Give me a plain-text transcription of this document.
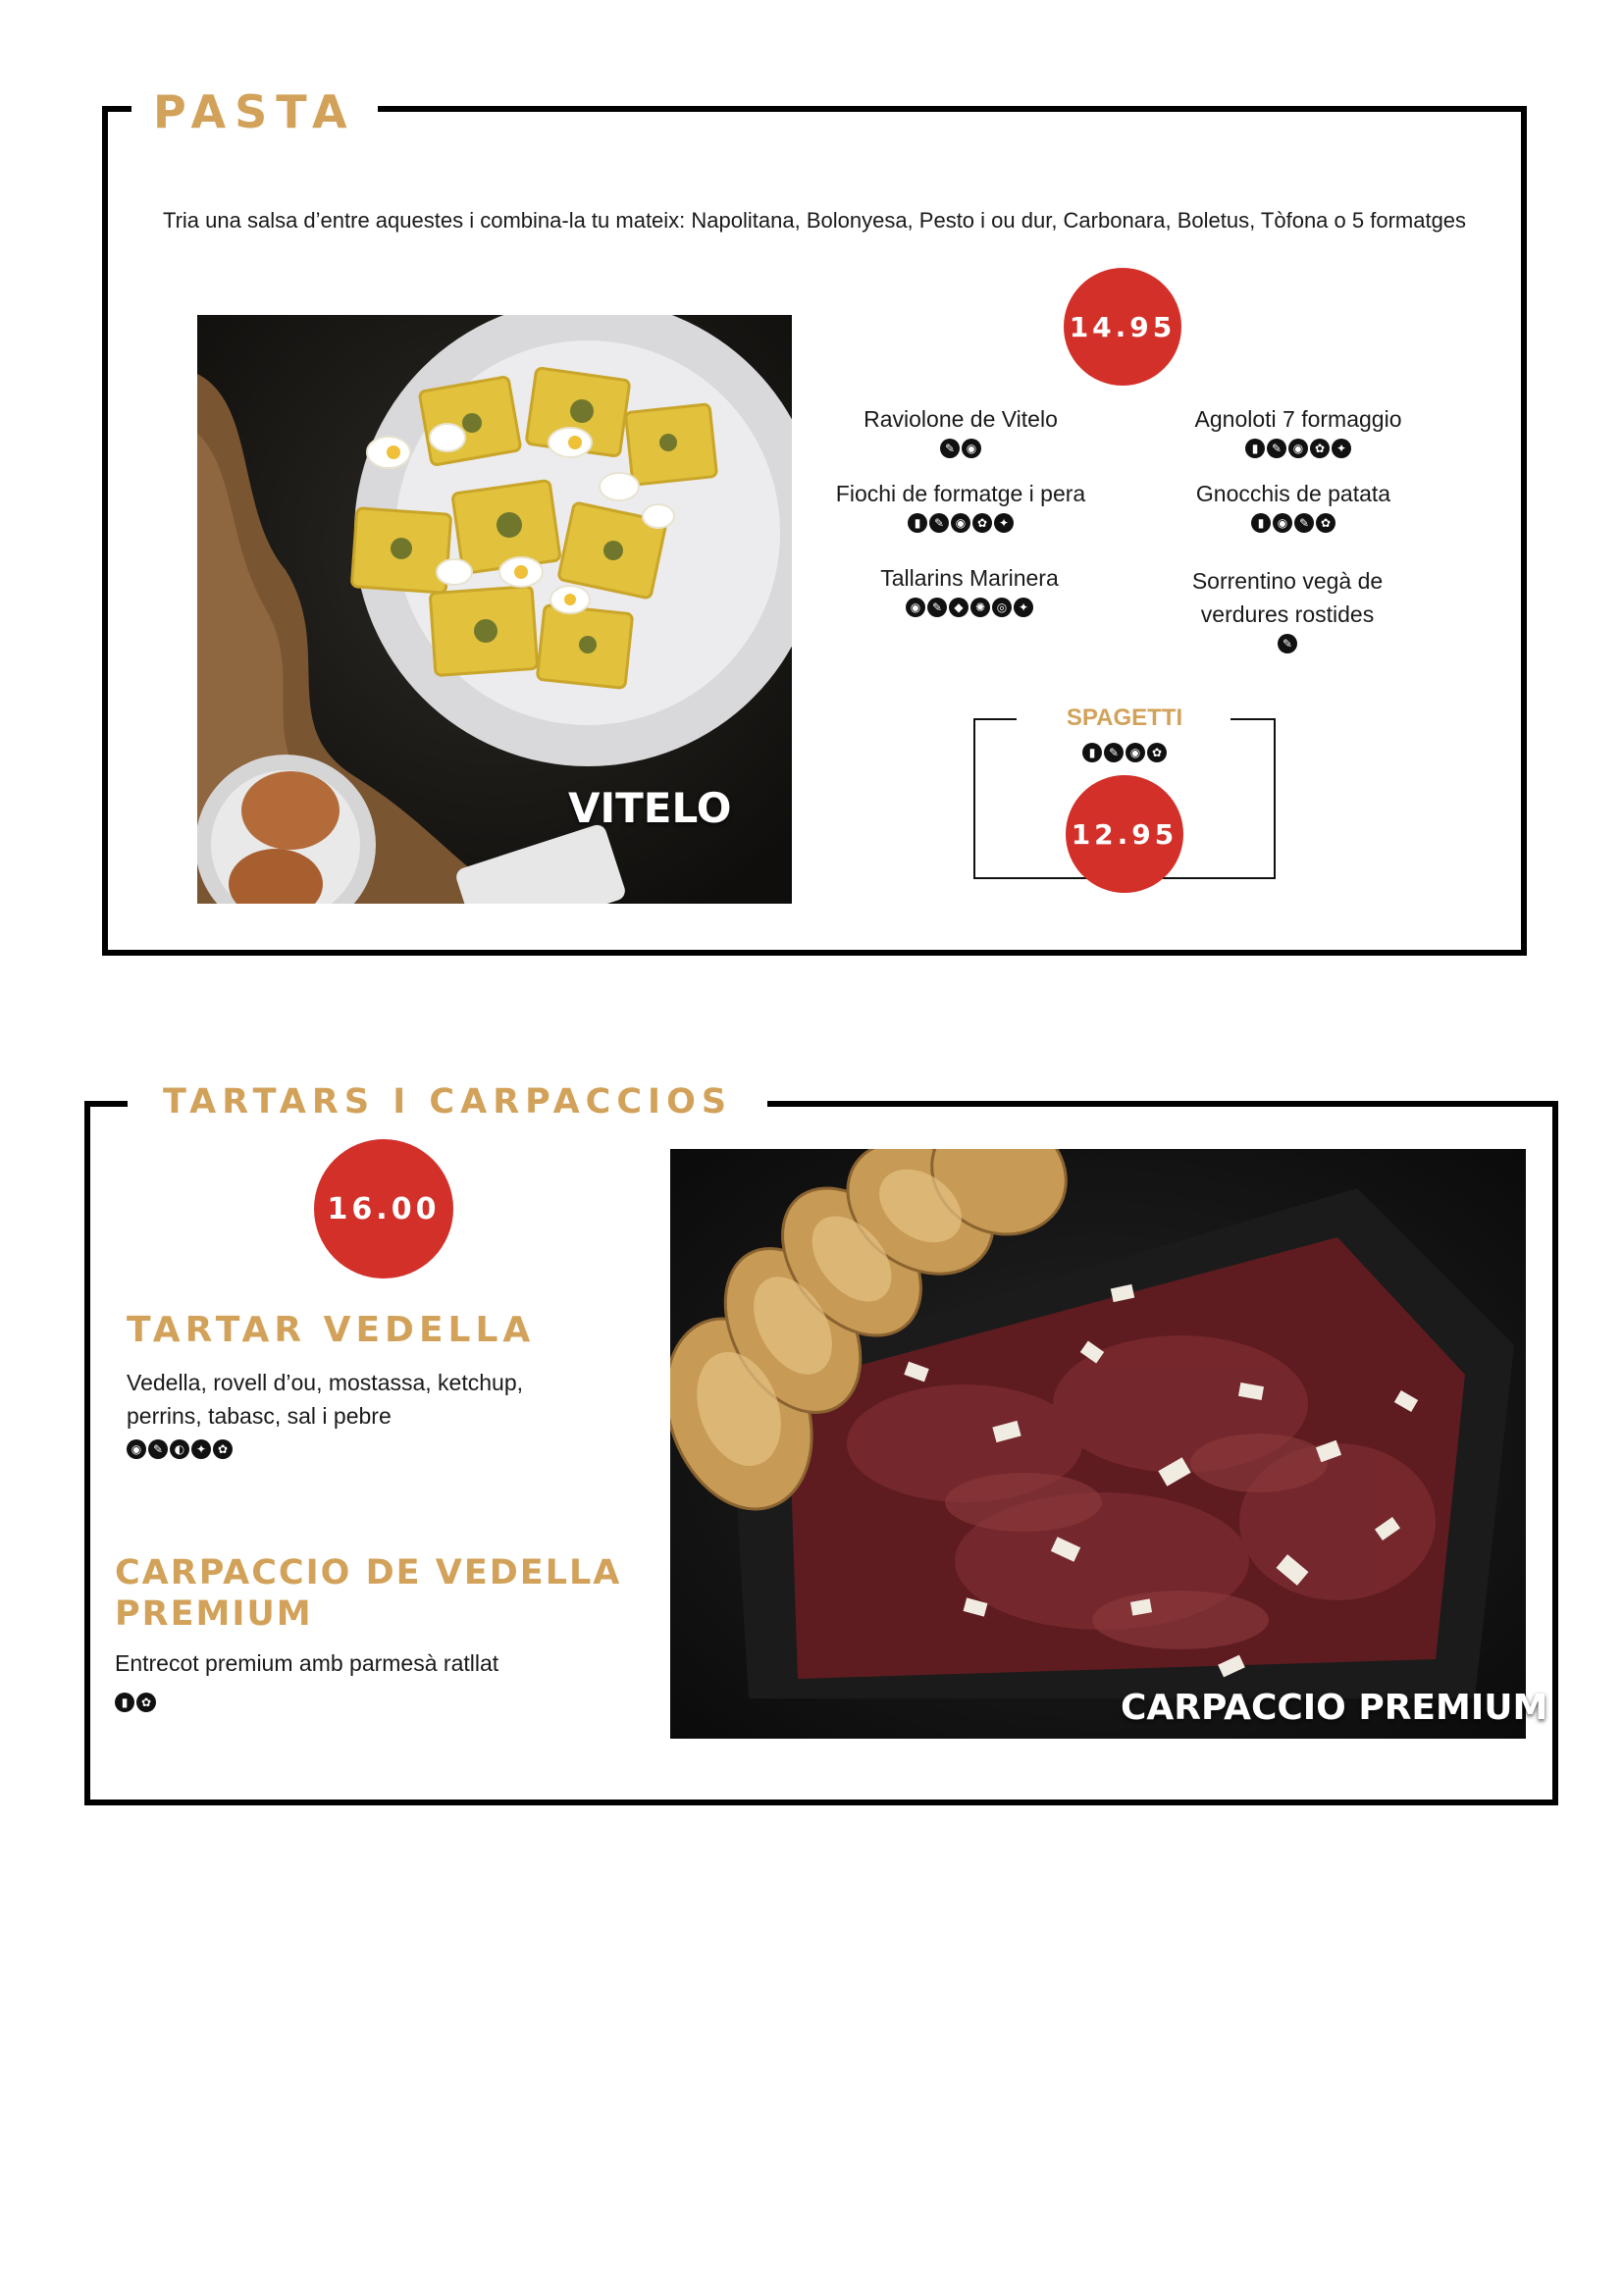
PASTA
Tria una salsa d’entre aquestes i combina-la tu mateix: Napolitana, Bolonyesa, Pesto i ou dur, Carbonara, Boletus, Tòfona o 5 formatges
VITELO
14.95
Raviolone de Vitelo
✎ ◉
Agnoloti 7 formaggio
▮	✎ ◉ ✿ ✦
Fiochi de formatge i pera
▮	✎ ◉ ✿ ✦
Gnocchis de patata
▮	◉ ✎ ✿
Tallarins Marinera
◉ ✎	◆	✺ ◎ ✦
Sorrentino vegà de verdures rostides
✎
SPAGETTI
▮	✎ ◉ ✿
12.95
TARTARS I CARPACCIOS
16.00
TARTAR VEDELLA
Vedella, rovell d’ou, mostassa, ketchup, perrins, tabasc, sal i pebre
◉ ✎ ◐ ✦ ✿
CARPACCIO DE VEDELLA PREMIUM
Entrecot premium amb parmesà ratllat
▮	✿	CARPACCIO PREMIUM
